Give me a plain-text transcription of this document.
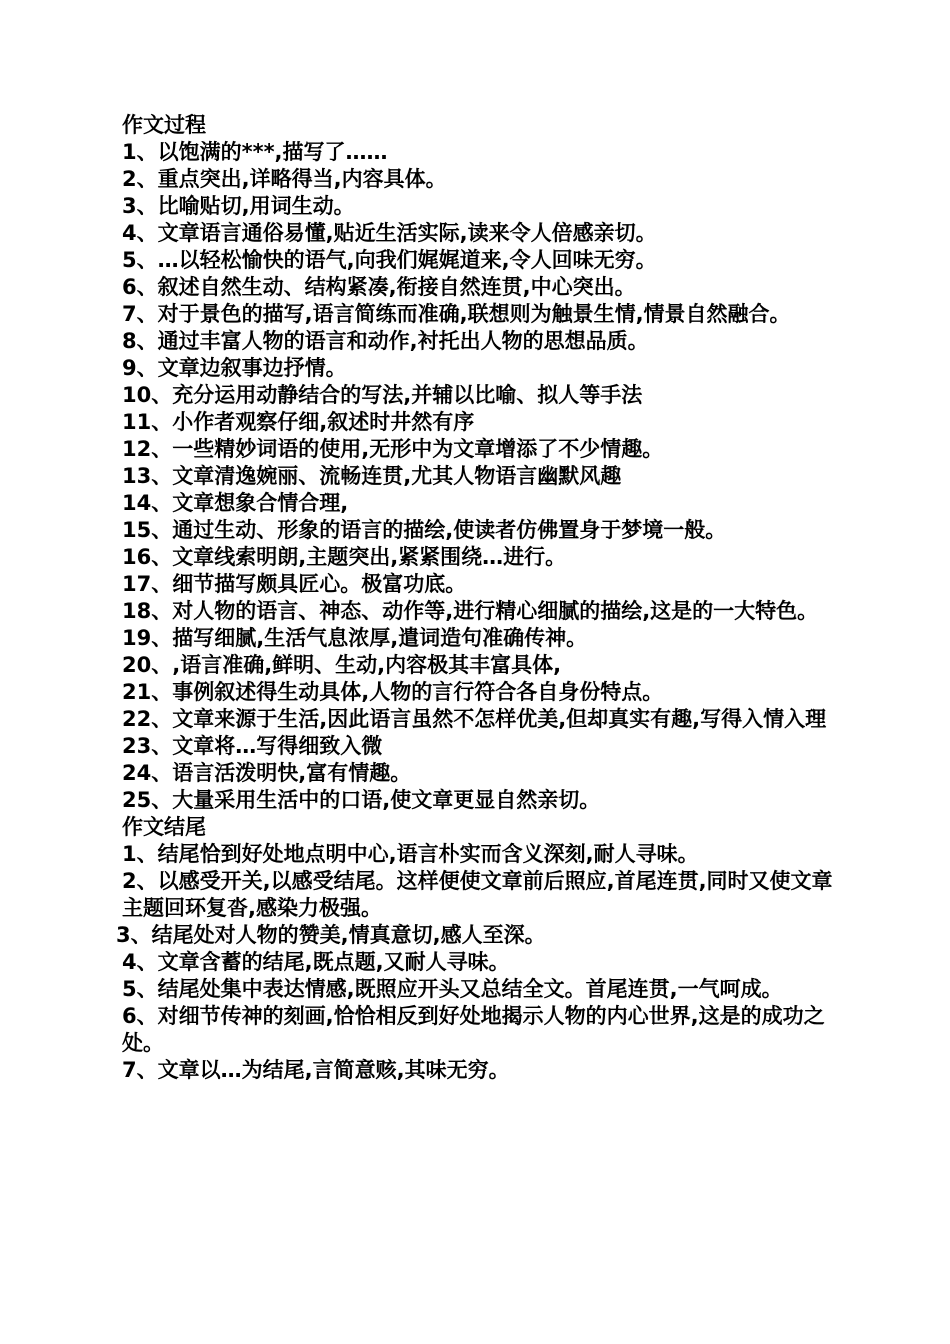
作文过程
1、以饱满的***,描写了……
2、重点突出,详略得当,内容具体。
3、比喻贴切,用词生动。
4、文章语言通俗易懂,贴近生活实际,读来令人倍感亲切。
5、…以轻松愉快的语气,向我们娓娓道来,令人回味无穷。
6、叙述自然生动、结构紧凑,衔接自然连贯,中心突出。
7、对于景色的描写,语言简练而准确,联想则为触景生情,情景自然融合。
8、通过丰富人物的语言和动作,衬托出人物的思想品质。
9、文章边叙事边抒情。
10、充分运用动静结合的写法,并辅以比喻、拟人等手法
11、小作者观察仔细,叙述时井然有序
12、一些精妙词语的使用,无形中为文章增添了不少情趣。
13、文章清逸婉丽、流畅连贯,尤其人物语言幽默风趣
14、文章想象合情合理,
15、通过生动、形象的语言的描绘,使读者仿佛置身于梦境一般。
16、文章线索明朗,主题突出,紧紧围绕…进行。
17、细节描写颇具匠心。极富功底。
18、对人物的语言、神态、动作等,进行精心细腻的描绘,这是的一大特色。
19、描写细腻,生活气息浓厚,遣词造句准确传神。
20、,语言准确,鲜明、生动,内容极其丰富具体,
21、事例叙述得生动具体,人物的言行符合各自身份特点。
22、文章来源于生活,因此语言虽然不怎样优美,但却真实有趣,写得入情入理
23、文章将…写得细致入微
24、语言活泼明快,富有情趣。
25、大量采用生活中的口语,使文章更显自然亲切。
作文结尾
1、结尾恰到好处地点明中心,语言朴实而含义深刻,耐人寻味。
2、以感受开关,以感受结尾。这样便使文章前后照应,首尾连贯,同时又使文章主题回环复沓,感染力极强。
3、结尾处对人物的赞美,情真意切,感人至深。
4、文章含蓄的结尾,既点题,又耐人寻味。
5、结尾处集中表达情感,既照应开头又总结全文。首尾连贯,一气呵成。
6、对细节传神的刻画,恰恰相反到好处地揭示人物的内心世界,这是的成功之处。
7、文章以…为结尾,言简意赅,其味无穷。
